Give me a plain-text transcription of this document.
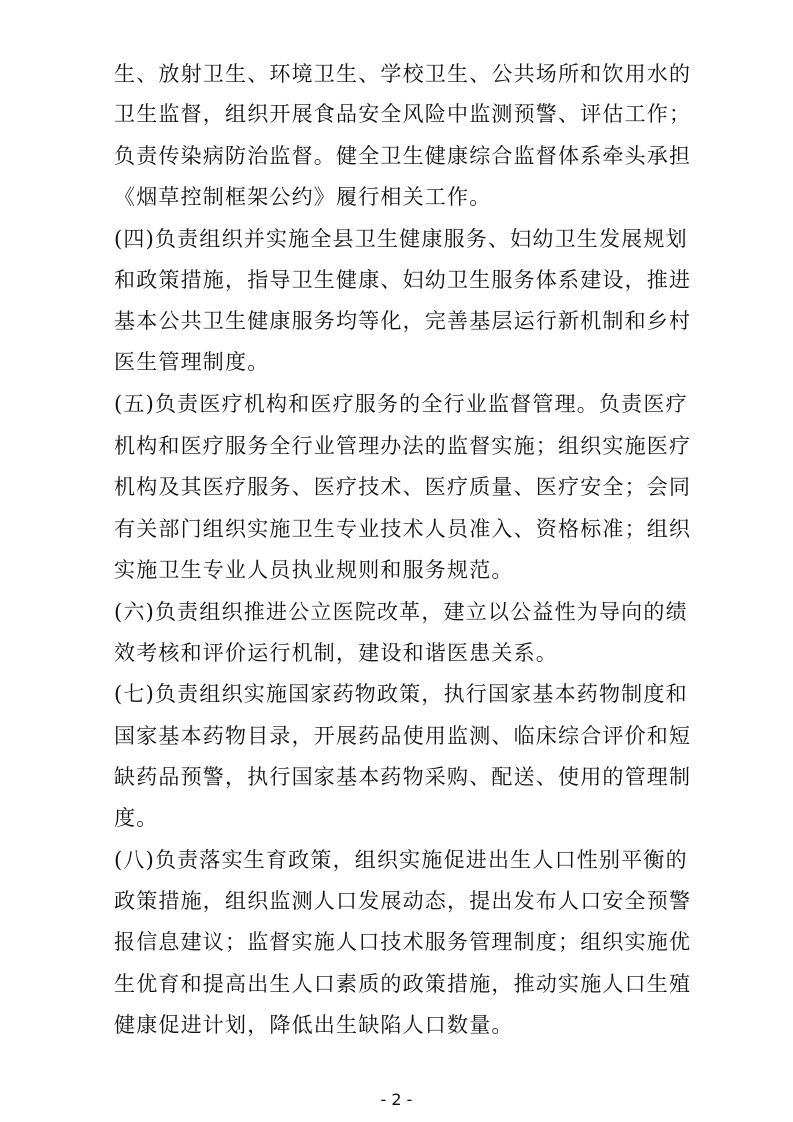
生、放射卫生、环境卫生、学校卫生、公共场所和饮用水的
卫生监督，组织开展食品安全风险中监测预警、评估工作；
负责传染病防治监督。健全卫生健康综合监督体系牵头承担
《烟草控制框架公约》履行相关工作。
(四)负责组织并实施全县卫生健康服务、妇幼卫生发展规划
和政策措施，指导卫生健康、妇幼卫生服务体系建设，推进
基本公共卫生健康服务均等化，完善基层运行新机制和乡村
医生管理制度。
(五)负责医疗机构和医疗服务的全行业监督管理。负责医疗
机构和医疗服务全行业管理办法的监督实施；组织实施医疗
机构及其医疗服务、医疗技术、医疗质量、医疗安全；会同
有关部门组织实施卫生专业技术人员准入、资格标准；组织
实施卫生专业人员执业规则和服务规范。
(六)负责组织推进公立医院改革，建立以公益性为导向的绩
效考核和评价运行机制，建设和谐医患关系。
(七)负责组织实施国家药物政策，执行国家基本药物制度和
国家基本药物目录，开展药品使用监测、临床综合评价和短
缺药品预警，执行国家基本药物采购、配送、使用的管理制
度。
(八)负责落实生育政策，组织实施促进出生人口性别平衡的
政策措施，组织监测人口发展动态，提出发布人口安全预警
报信息建议；监督实施人口技术服务管理制度；组织实施优
生优育和提高出生人口素质的政策措施，推动实施人口生殖
健康促进计划，降低出生缺陷人口数量。
- 2 -
